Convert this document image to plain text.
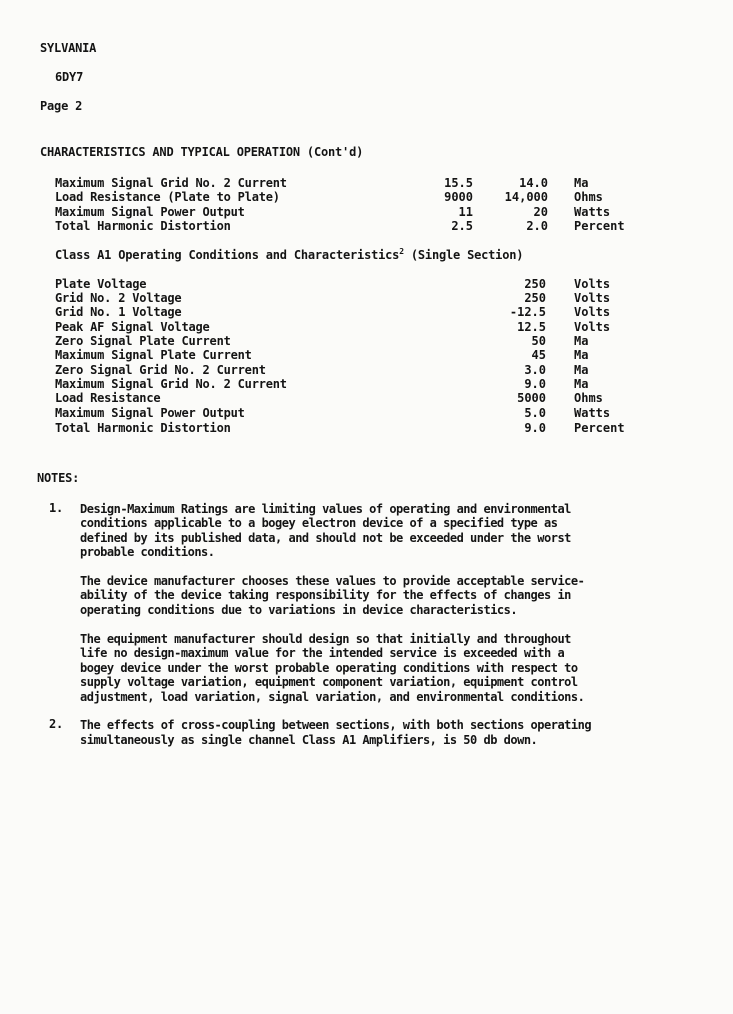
SYLVANIA
6DY7
Page 2
CHARACTERISTICS AND TYPICAL OPERATION (Cont'd)
Maximum Signal Grid No. 2 Current	15.5	14.0 Ma
Load Resistance (Plate to Plate)	9000	14,000 Ohms
Maximum Signal Power Output	11	20 Watts
Total Harmonic Distortion	2.5	2.0 Percent
Class A1 Operating Conditions and Characteristics$^2$ (Single Section)
Plate Voltage	250 Volts
Grid No. 2 Voltage	250 Volts
Grid No. 1 Voltage	-12.5 Volts
Peak AF Signal Voltage	12.5 Volts
Zero Signal Plate Current	50 Ma
Maximum Signal Plate Current	45 Ma
Zero Signal Grid No. 2 Current	3.0 Ma
Maximum Signal Grid No. 2 Current	9.0 Ma
Load Resistance	5000 Ohms
Maximum Signal Power Output	5.0 Watts
Total Harmonic Distortion	9.0 Percent
NOTES:
1. Design-Maximum Ratings are limiting values of operating and environmental
conditions applicable to a bogey electron device of a specified type as
defined by its published data, and should not be exceeded under the worst
probable conditions.
The device manufacturer chooses these values to provide acceptable service-
ability of the device taking responsibility for the effects of changes in
operating conditions due to variations in device characteristics.
The equipment manufacturer should design so that initially and throughout
life no design-maximum value for the intended service is exceeded with a
bogey device under the worst probable operating conditions with respect to
supply voltage variation, equipment component variation, equipment control
adjustment, load variation, signal variation, and environmental conditions.
2. The effects of cross-coupling between sections, with both sections operating
simultaneously as single channel Class A1 Amplifiers, is 50 db down.
